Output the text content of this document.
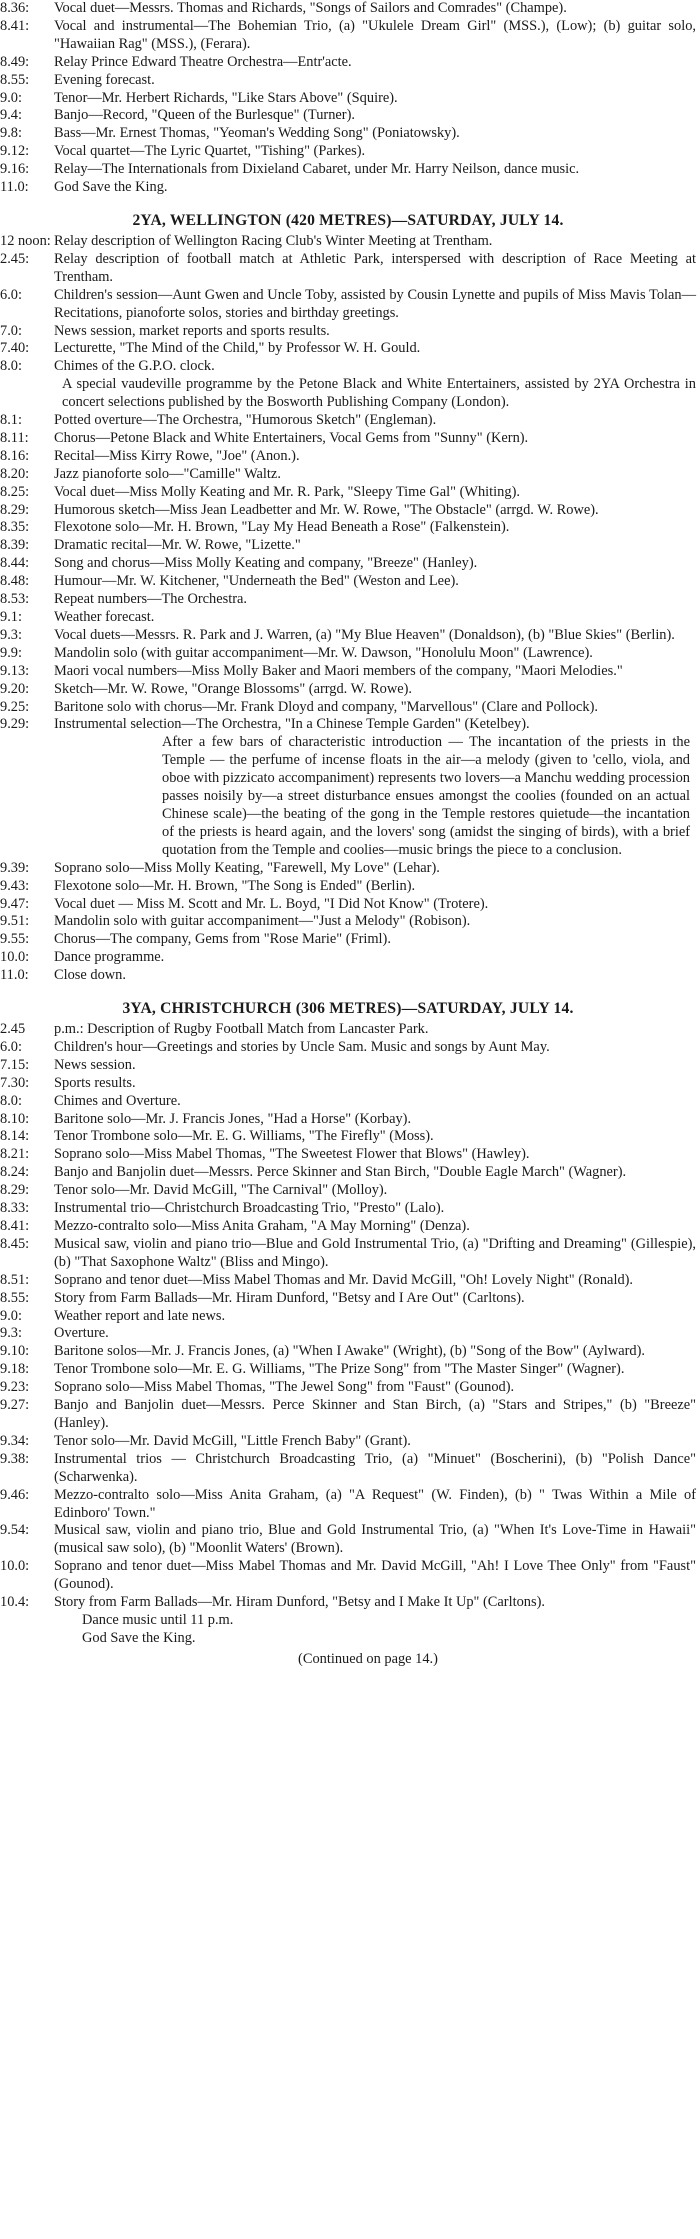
8.36:	Vocal duet—Messrs. Thomas and Richards, "Songs of Sailors and Comrades" (Champe).

8.41:	Vocal and instrumental—The Bohemian Trio, (a) "Ukulele Dream Girl" (MSS.), (Low); (b) guitar solo, "Hawaiian Rag" (MSS.), (Ferara).

8.49:	Relay Prince Edward Theatre Orchestra—Entr'acte.

8.55:	Evening forecast.

9.0:	Tenor—Mr. Herbert Richards, "Like Stars Above" (Squire).

9.4:	Banjo—Record, "Queen of the Burlesque" (Turner).

9.8:	Bass—Mr. Ernest Thomas, "Yeoman's Wedding Song" (Poniatowsky).

9.12:	Vocal quartet—The Lyric Quartet, "Tishing" (Parkes).

9.16:	Relay—The Internationals from Dixieland Cabaret, under Mr. Harry Neilson, dance music.

11.0:	God Save the King.

2YA, WELLINGTON (420 METRES)—SATURDAY, JULY 14.

12 noon: Relay description of Wellington Racing Club's Winter Meeting at Trentham.

2.45:	Relay description of football match at Athletic Park, interspersed with description of Race Meeting at Trentham.

6.0:	Children's session—Aunt Gwen and Uncle Toby, assisted by Cousin Lynette and pupils of Miss Mavis Tolan—Recitations, pianoforte solos, stories and birthday greetings.

7.0:	News session, market reports and sports results.

7.40:	Lecturette, "The Mind of the Child," by Professor W. H. Gould.

8.0:	Chimes of the G.P.O. clock.

A special vaudeville programme by the Petone Black and White Entertainers, assisted by 2YA Orchestra in concert selections published by the Bosworth Publishing Company (London).

8.1:	Potted overture—The Orchestra, "Humorous Sketch" (Engleman).

8.11:	Chorus—Petone Black and White Entertainers, Vocal Gems from "Sunny" (Kern).

8.16:	Recital—Miss Kirry Rowe, "Joe" (Anon.).

8.20:	Jazz pianoforte solo—"Camille" Waltz.

8.25:	Vocal duet—Miss Molly Keating and Mr. R. Park, "Sleepy Time Gal" (Whiting).

8.29:	Humorous sketch—Miss Jean Leadbetter and Mr. W. Rowe, "The Obstacle" (arrgd. W. Rowe).

8.35:	Flexotone solo—Mr. H. Brown, "Lay My Head Beneath a Rose" (Falkenstein).

8.39:	Dramatic recital—Mr. W. Rowe, "Lizette."

8.44:	Song and chorus—Miss Molly Keating and company, "Breeze" (Hanley).

8.48:	Humour—Mr. W. Kitchener, "Underneath the Bed" (Weston and Lee).

8.53:	Repeat numbers—The Orchestra.

9.1:	Weather forecast.

9.3:	Vocal duets—Messrs. R. Park and J. Warren, (a) "My Blue Heaven" (Donaldson), (b) "Blue Skies" (Berlin).

9.9:	Mandolin solo (with guitar accompaniment—Mr. W. Dawson, "Honolulu Moon" (Lawrence).

9.13:	Maori vocal numbers—Miss Molly Baker and Maori members of the company, "Maori Melodies."

9.20:	Sketch—Mr. W. Rowe, "Orange Blossoms" (arrgd. W. Rowe).

9.25:	Baritone solo with chorus—Mr. Frank Dloyd and company, "Marvellous" (Clare and Pollock).

9.29:	Instrumental selection—The Orchestra, "In a Chinese Temple Garden" (Ketelbey).

After a few bars of characteristic introduction — The incantation of the priests in the Temple — the perfume of incense floats in the air—a melody (given to 'cello, viola, and oboe with pizzicato accompaniment) represents two lovers—a Manchu wedding procession passes noisily by—a street disturbance ensues amongst the coolies (founded on an actual Chinese scale)—the beating of the gong in the Temple restores quietude—the incantation of the priests is heard again, and the lovers' song (amidst the singing of birds), with a brief quotation from the Temple and coolies—music brings the piece to a conclusion.

9.39:	Soprano solo—Miss Molly Keating, "Farewell, My Love" (Lehar).

9.43:	Flexotone solo—Mr. H. Brown, "The Song is Ended" (Berlin).

9.47:	Vocal duet — Miss M. Scott and Mr. L. Boyd, "I Did Not Know" (Trotere).

9.51:	Mandolin solo with guitar accompaniment—"Just a Melody" (Robison).

9.55:	Chorus—The company, Gems from "Rose Marie" (Friml).

10.0:	Dance programme.

11.0:	Close down.

3YA, CHRISTCHURCH (306 METRES)—SATURDAY, JULY 14.

2.45	p.m.: Description of Rugby Football Match from Lancaster Park.

6.0:	Children's hour—Greetings and stories by Uncle Sam. Music and songs by Aunt May.

7.15:	News session.

7.30:	Sports results.

8.0:	Chimes and Overture.

8.10:	Baritone solo—Mr. J. Francis Jones, "Had a Horse" (Korbay).

8.14:	Tenor Trombone solo—Mr. E. G. Williams, "The Firefly" (Moss).

8.21:	Soprano solo—Miss Mabel Thomas, "The Sweetest Flower that Blows" (Hawley).

8.24:	Banjo and Banjolin duet—Messrs. Perce Skinner and Stan Birch, "Double Eagle March" (Wagner).

8.29:	Tenor solo—Mr. David McGill, "The Carnival" (Molloy).

8.33:	Instrumental trio—Christchurch Broadcasting Trio, "Presto" (Lalo).

8.41:	Mezzo-contralto solo—Miss Anita Graham, "A May Morning" (Denza).

8.45:	Musical saw, violin and piano trio—Blue and Gold Instrumental Trio, (a) "Drifting and Dreaming" (Gillespie), (b) "That Saxophone Waltz" (Bliss and Mingo).

8.51:	Soprano and tenor duet—Miss Mabel Thomas and Mr. David McGill, "Oh! Lovely Night" (Ronald).

8.55:	Story from Farm Ballads—Mr. Hiram Dunford, "Betsy and I Are Out" (Carltons).

9.0:	Weather report and late news.

9.3:	Overture.

9.10:	Baritone solos—Mr. J. Francis Jones, (a) "When I Awake" (Wright), (b) "Song of the Bow" (Aylward).

9.18:	Tenor Trombone solo—Mr. E. G. Williams, "The Prize Song" from "The Master Singer" (Wagner).

9.23:	Soprano solo—Miss Mabel Thomas, "The Jewel Song" from "Faust" (Gounod).

9.27:	Banjo and Banjolin duet—Messrs. Perce Skinner and Stan Birch, (a) "Stars and Stripes," (b) "Breeze" (Hanley).

9.34:	Tenor solo—Mr. David McGill, "Little French Baby" (Grant).

9.38:	Instrumental trios — Christchurch Broadcasting Trio, (a) "Minuet" (Boscherini), (b) "Polish Dance" (Scharwenka).

9.46:	Mezzo-contralto solo—Miss Anita Graham, (a) "A Request" (W. Finden), (b) " Twas Within a Mile of Edinboro' Town."

9.54:	Musical saw, violin and piano trio, Blue and Gold Instrumental Trio, (a) "When It's Love-Time in Hawaii" (musical saw solo), (b) "Moonlit Waters' (Brown).

10.0:	Soprano and tenor duet—Miss Mabel Thomas and Mr. David McGill, "Ah! I Love Thee Only" from "Faust" (Gounod).

10.4:	Story from Farm Ballads—Mr. Hiram Dunford, "Betsy and I Make It Up" (Carltons).

Dance music until 11 p.m.

God Save the King.

(Continued on page 14.)
